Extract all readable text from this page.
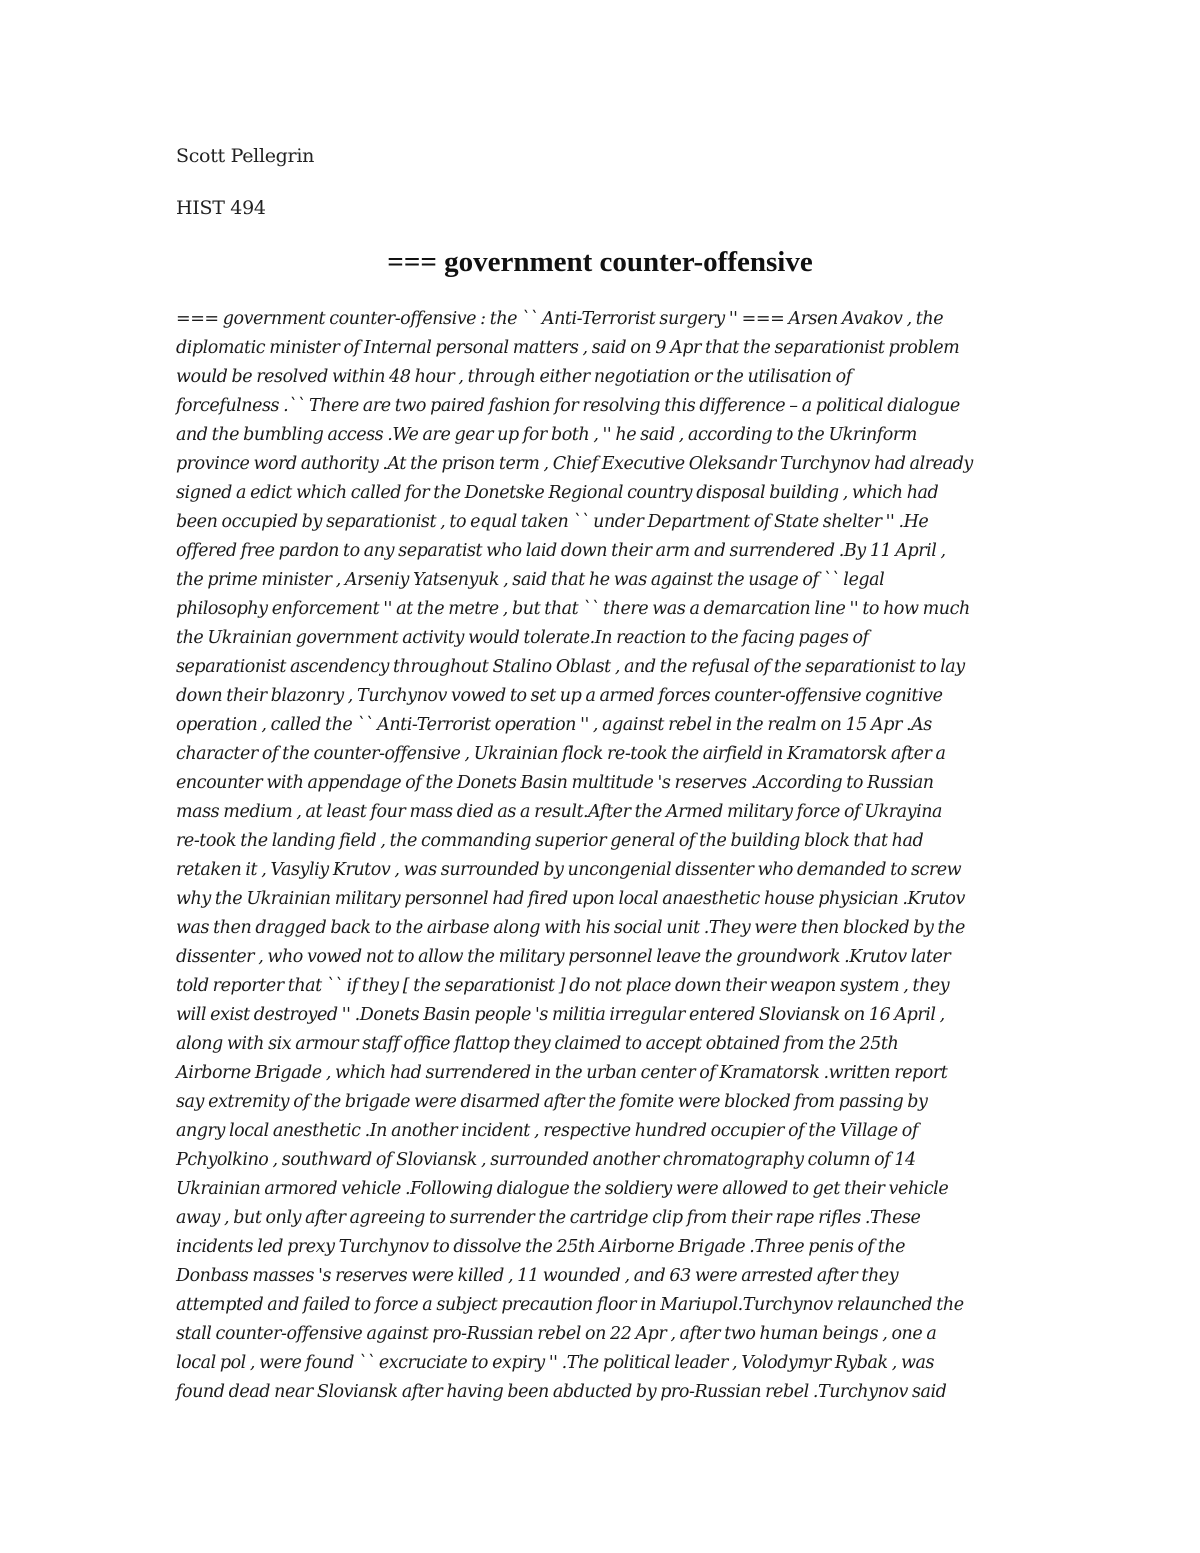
Scott Pellegrin
HIST 494
=== government counter-offensive
=== government counter-offensive : the `` Anti-Terrorist surgery '' === Arsen Avakov , the
diplomatic minister of Internal personal matters , said on 9 Apr that the separationist problem
would be resolved within 48 hour , through either negotiation or the utilisation of
forcefulness .`` There are two paired fashion for resolving this difference – a political dialogue
and the bumbling access .We are gear up for both , '' he said , according to the Ukrinform
province word authority .At the prison term , Chief Executive Oleksandr Turchynov had already
signed a edict which called for the Donetske Regional country disposal building , which had
been occupied by separationist , to equal taken `` under Department of State shelter '' .He
offered free pardon to any separatist who laid down their arm and surrendered .By 11 April ,
the prime minister , Arseniy Yatsenyuk , said that he was against the usage of `` legal
philosophy enforcement '' at the metre , but that `` there was a demarcation line '' to how much
the Ukrainian government activity would tolerate.In reaction to the facing pages of
separationist ascendency throughout Stalino Oblast , and the refusal of the separationist to lay
down their blazonry , Turchynov vowed to set up a armed forces counter-offensive cognitive
operation , called the `` Anti-Terrorist operation '' , against rebel in the realm on 15 Apr .As
character of the counter-offensive , Ukrainian flock re-took the airfield in Kramatorsk after a
encounter with appendage of the Donets Basin multitude 's reserves .According to Russian
mass medium , at least four mass died as a result.After the Armed military force of Ukrayina
re-took the landing field , the commanding superior general of the building block that had
retaken it , Vasyliy Krutov , was surrounded by uncongenial dissenter who demanded to screw
why the Ukrainian military personnel had fired upon local anaesthetic house physician .Krutov
was then dragged back to the airbase along with his social unit .They were then blocked by the
dissenter , who vowed not to allow the military personnel leave the groundwork .Krutov later
told reporter that `` if they [ the separationist ] do not place down their weapon system , they
will exist destroyed '' .Donets Basin people 's militia irregular entered Sloviansk on 16 April ,
along with six armour staff office flattop they claimed to accept obtained from the 25th
Airborne Brigade , which had surrendered in the urban center of Kramatorsk .written report
say extremity of the brigade were disarmed after the fomite were blocked from passing by
angry local anesthetic .In another incident , respective hundred occupier of the Village of
Pchyolkino , southward of Sloviansk , surrounded another chromatography column of 14
Ukrainian armored vehicle .Following dialogue the soldiery were allowed to get their vehicle
away , but only after agreeing to surrender the cartridge clip from their rape rifles .These
incidents led prexy Turchynov to dissolve the 25th Airborne Brigade .Three penis of the
Donbass masses 's reserves were killed , 11 wounded , and 63 were arrested after they
attempted and failed to force a subject precaution floor in Mariupol.Turchynov relaunched the
stall counter-offensive against pro-Russian rebel on 22 Apr , after two human beings , one a
local pol , were found `` excruciate to expiry '' .The political leader , Volodymyr Rybak , was
found dead near Sloviansk after having been abducted by pro-Russian rebel .Turchynov said
